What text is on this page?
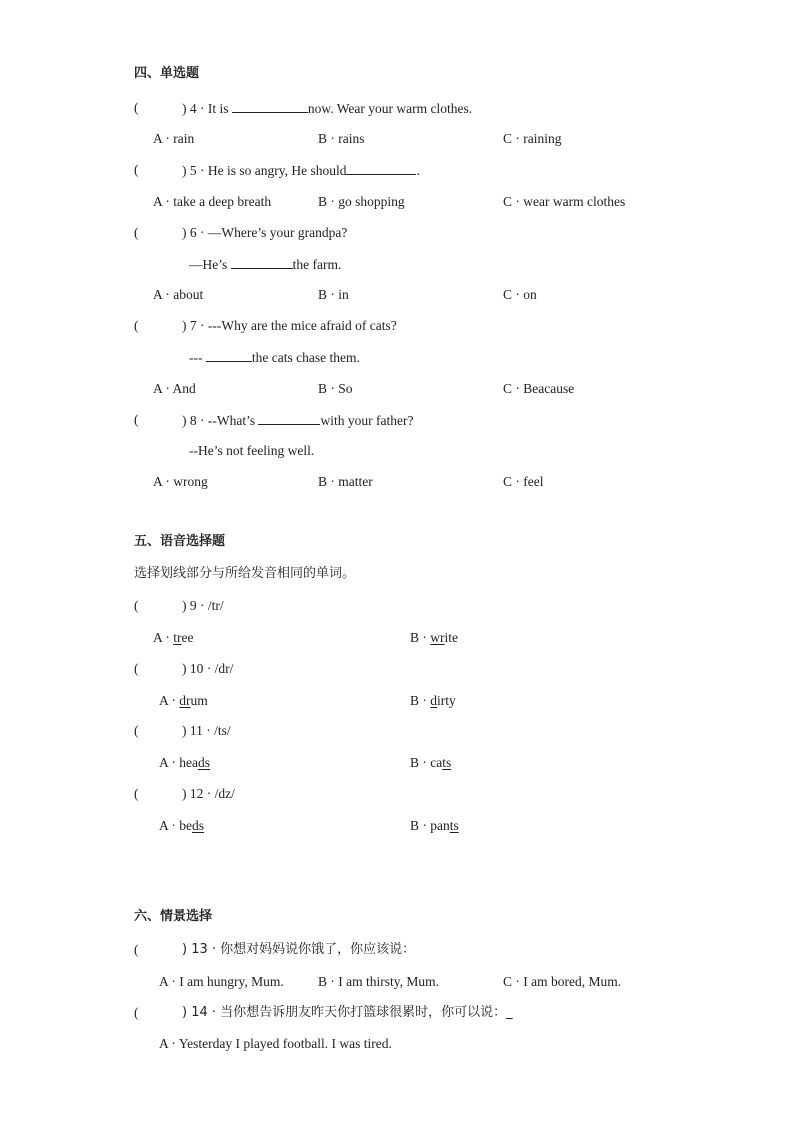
四、单选题
(	) 4 · It is	now. Wear your warm clothes.
A · rain	B · rains	C · raining
(	) 5 · He is so angry, He should	.
A · take a deep breath	B · go shopping	C · wear warm clothes
(	) 6 · —Where’s your grandpa?
—He’s	the farm.
A · about	B · in	C · on
(	) 7 · ---Why are the mice afraid of cats?
---	the cats chase them.
A · And	B · So	C · Beacause
(	) 8 · --What’s	with your father?
--He’s not feeling well.
A · wrong	B · matter	C · feel
五、语音选择题
选择划线部分与所给发音相同的单词。
(	) 9 · /tr/
A · tree	B · write
(	) 10 · /dr/
A · drum	B · dirty
(	) 11 · /ts/
A · heads	B · cats
(	) 12 · /dz/
A · beds	B · pants
六、情景选择
(	) 13 · 你想对妈妈说你饿了，你应该说：
A · I am hungry, Mum.	B · I am thirsty, Mum.	C · I am bored, Mum.
(	) 14 · 当你想告诉朋友昨天你打篮球很累时，你可以说：_
A · Yesterday I played football. I was tired.
